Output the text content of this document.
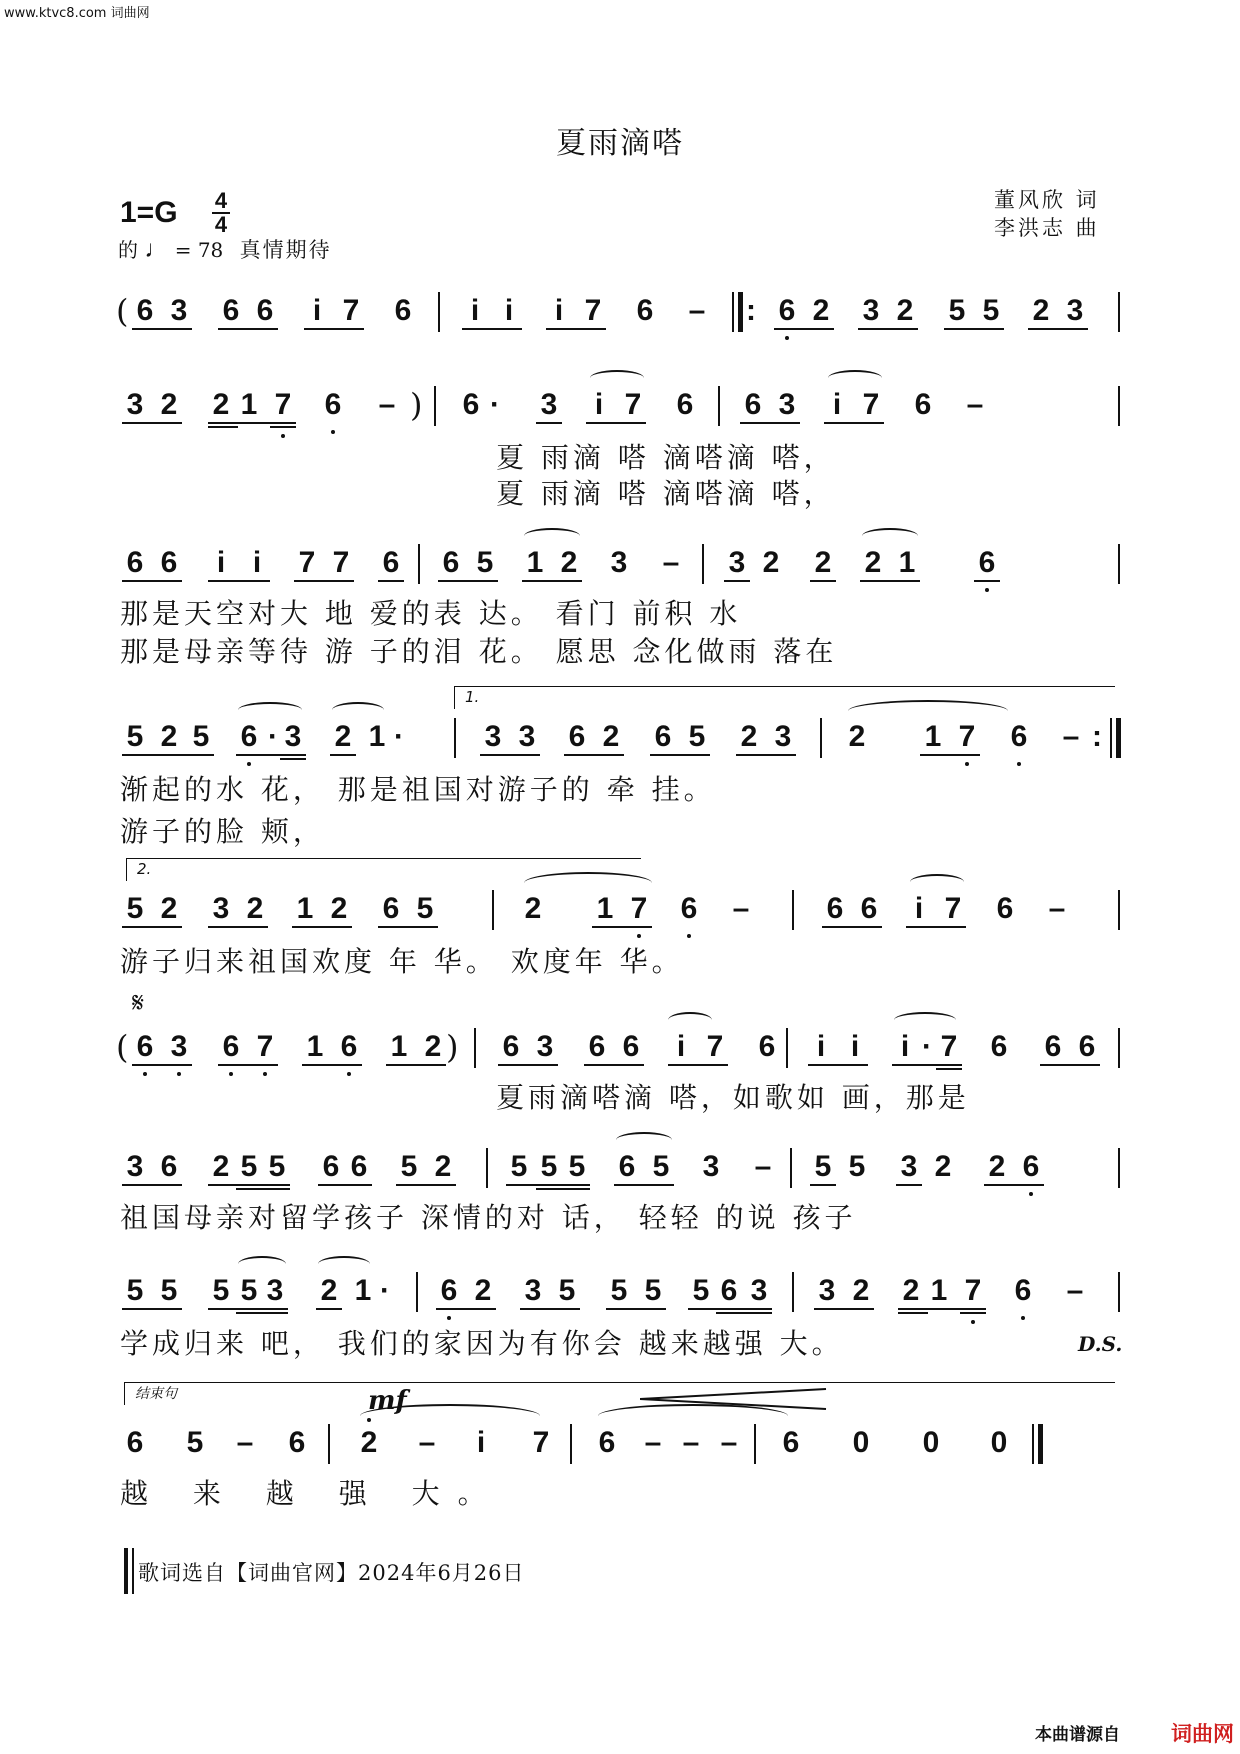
www.ktvc8.com 词曲网
夏雨滴嗒
董风欣 词
李洪志 曲
1=G 4
4
的 ♩ = 78 真情期待
( 6 3 6 6	i 7 6	i i	i 7 6 – : 6 2 3 2 5 5 2 3
3 2 2 1 7 6 – ) 6 ·	3	i 7 6 6 3	i 7 6 –
夏 雨滴 嗒 滴嗒滴 嗒，
夏 雨滴 嗒 滴嗒滴 嗒，
6 6	i i	7 7 6 6 5 1 2 3 – 3 2 2 2 1 6
那是天空对大 地 爱的表 达。 看门 前积 水
那是母亲等待 游 子的泪 花。 愿思 念化做雨 落在
1.
5 2 5 6 · 3 2 1 ·	3 3 6 2 6 5 2 3 2 1 7 6 – :
渐起的水 花， 那是祖国对游子的 牵 挂。
游子的脸 颊，
2.
5 2 3 2 1 2 6 5	2 1 7 6 –	6 6	i 7 6 –
游子归来祖国欢度 年 华。 欢度年 华。
𝄋
( 6 3 6 7 1 6 1 2 ) 6 3 6 6	i 7 6	i i	i · 7 6 6 6
夏雨滴嗒滴 嗒，如歌如 画，那是
3 6 2 5 5 6 6 5 2 5 5 5 6 5 3 – 5 5 3 2 2 6
祖国母亲对留学孩子 深情的对 话， 轻轻 的说 孩子
5 5 5 5 3 2 1 ·	6 2 3 5 5 5 5 6 3 3 2 2 1 7 6 –
学成归来 吧， 我们的家因为有你会 越来越强 大。	D.S.
结束句	mf
6 5 – 6 2 –	i	7 6 – – – 6 0 0 0
越 来 越 强 大。
歌词选自【词曲官网】2024年6月26日
本曲谱源自 词曲网
